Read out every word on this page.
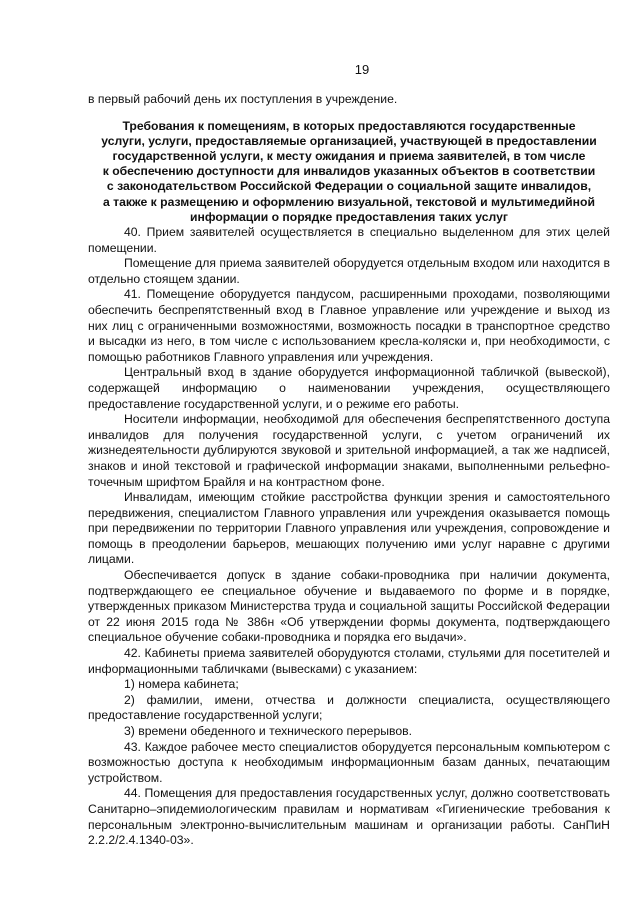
19

в первый рабочий день их поступления в учреждение.

Требования к помещениям, в которых предоставляются государственные
услуги, услуги, предоставляемые организацией, участвующей в предоставлении
государственной услуги, к месту ожидания и приема заявителей, в том числе
к обеспечению доступности для инвалидов указанных объектов в соответствии
с законодательством Российской Федерации о социальной защите инвалидов,
а также к размещению и оформлению визуальной, текстовой и мультимедийной
информации о порядке предоставления таких услуг

40. Прием заявителей осуществляется в специально выделенном для этих целей помещении.

Помещение для приема заявителей оборудуется отдельным входом или находится в отдельно стоящем здании.

41. Помещение оборудуется пандусом, расширенными проходами, позволяющими обеспечить беспрепятственный вход в Главное управление или учреждение и выход из них лиц с ограниченными возможностями, возможность посадки в транспортное средство и высадки из него, в том числе с использованием кресла-коляски и, при необходимости, с помощью работников Главного управления или учреждения.

Центральный вход в здание оборудуется информационной табличкой (вывеской), содержащей информацию о наименовании учреждения, осуществляющего предоставление государственной услуги, и о режиме его работы.

Носители информации, необходимой для обеспечения беспрепятственного доступа инвалидов для получения государственной услуги, с учетом ограничений их жизнедеятельности дублируются звуковой и зрительной информацией, а так же надписей, знаков и иной текстовой и графической информации знаками, выполненными рельефно-точечным шрифтом Брайля и на контрастном фоне.

Инвалидам, имеющим стойкие расстройства функции зрения и самостоятельного передвижения, специалистом Главного управления или учреждения оказывается помощь при передвижении по территории Главного управления или учреждения, сопровождение и помощь в преодолении барьеров, мешающих получению ими услуг наравне с другими лицами.

Обеспечивается допуск в здание собаки-проводника при наличии документа, подтверждающего ее специальное обучение и выдаваемого по форме и в порядке, утвержденных приказом Министерства труда и социальной защиты Российской Федерации от 22 июня 2015 года № 386н «Об утверждении формы документа, подтверждающего специальное обучение собаки-проводника и порядка его выдачи».

42. Кабинеты приема заявителей оборудуются столами, стульями для посетителей и информационными табличками (вывесками) с указанием:

1) номера кабинета;

2) фамилии, имени, отчества и должности специалиста, осуществляющего предоставление государственной услуги;

3) времени обеденного и технического перерывов.

43. Каждое рабочее место специалистов оборудуется персональным компьютером с возможностью доступа к необходимым информационным базам данных, печатающим устройством.

44. Помещения для предоставления государственных услуг, должно соответствовать Санитарно–эпидемиологическим правилам и нормативам «Гигиенические требования к персональным электронно-вычислительным машинам и организации работы. СанПиН 2.2.2/2.4.1340-03».
